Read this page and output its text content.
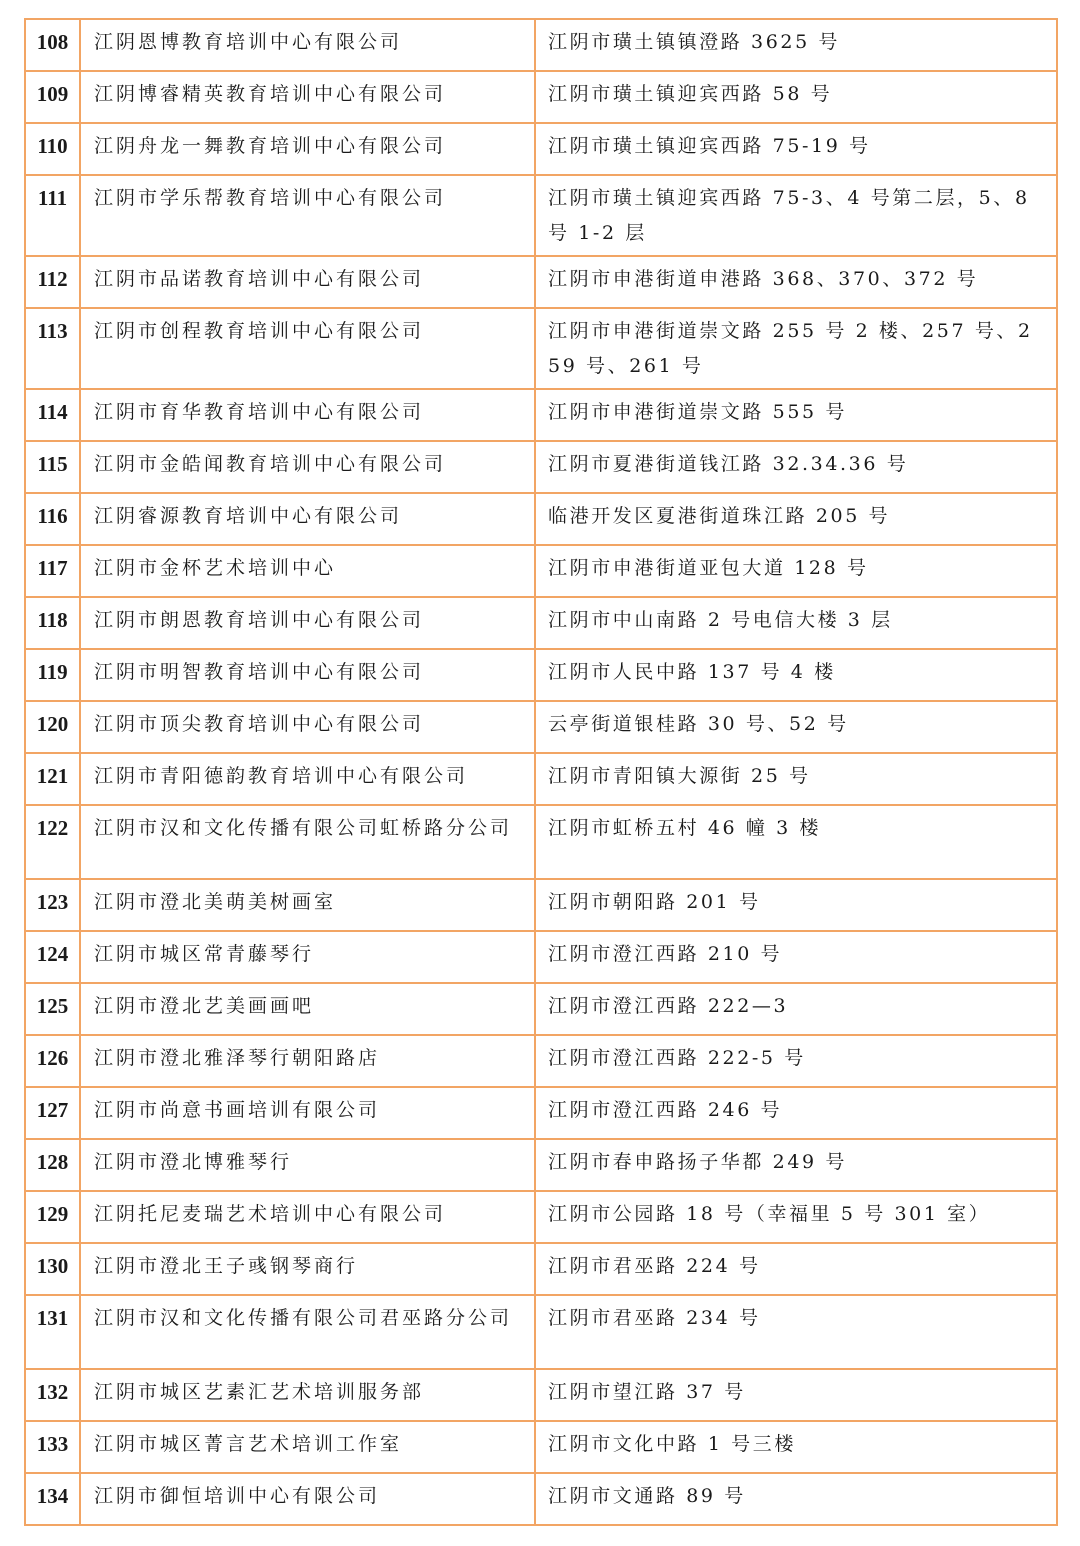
108	江阴恩博教育培训中心有限公司	江阴市璜土镇镇澄路 3625 号
109	江阴博睿精英教育培训中心有限公司	江阴市璜土镇迎宾西路 58 号
110	江阴舟龙一舞教育培训中心有限公司	江阴市璜土镇迎宾西路 75-19 号
111	江阴市学乐帮教育培训中心有限公司	江阴市璜土镇迎宾西路 75-3、4 号第二层，5、8 号 1-2 层
112	江阴市品诺教育培训中心有限公司	江阴市申港街道申港路 368、370、372 号
113	江阴市创程教育培训中心有限公司	江阴市申港街道崇文路 255 号 2 楼、257 号、259 号、261 号
114	江阴市育华教育培训中心有限公司	江阴市申港街道崇文路 555 号
115	江阴市金皓闻教育培训中心有限公司	江阴市夏港街道钱江路 32.34.36 号
116	江阴睿源教育培训中心有限公司	临港开发区夏港街道珠江路 205 号
117	江阴市金杯艺术培训中心	江阴市申港街道亚包大道 128 号
118	江阴市朗恩教育培训中心有限公司	江阴市中山南路 2 号电信大楼 3 层
119	江阴市明智教育培训中心有限公司	江阴市人民中路 137 号 4 楼
120	江阴市顶尖教育培训中心有限公司	云亭街道银桂路 30 号、52 号
121	江阴市青阳德韵教育培训中心有限公司	江阴市青阳镇大源街 25 号
122	江阴市汉和文化传播有限公司虹桥路分公司	江阴市虹桥五村 46 幢 3 楼
123	江阴市澄北美萌美树画室	江阴市朝阳路 201 号
124	江阴市城区常青藤琴行	江阴市澄江西路 210 号
125	江阴市澄北艺美画画吧	江阴市澄江西路 222—3
126	江阴市澄北雅泽琴行朝阳路店	江阴市澄江西路 222-5 号
127	江阴市尚意书画培训有限公司	江阴市澄江西路 246 号
128	江阴市澄北博雅琴行	江阴市春申路扬子华都 249 号
129	江阴托尼麦瑞艺术培训中心有限公司	江阴市公园路 18 号（幸福里 5 号 301 室）
130	江阴市澄北王子彧钢琴商行	江阴市君巫路 224 号
131	江阴市汉和文化传播有限公司君巫路分公司	江阴市君巫路 234 号
132	江阴市城区艺素汇艺术培训服务部	江阴市望江路 37 号
133	江阴市城区菁言艺术培训工作室	江阴市文化中路 1 号三楼
134	江阴市御恒培训中心有限公司	江阴市文通路 89 号
